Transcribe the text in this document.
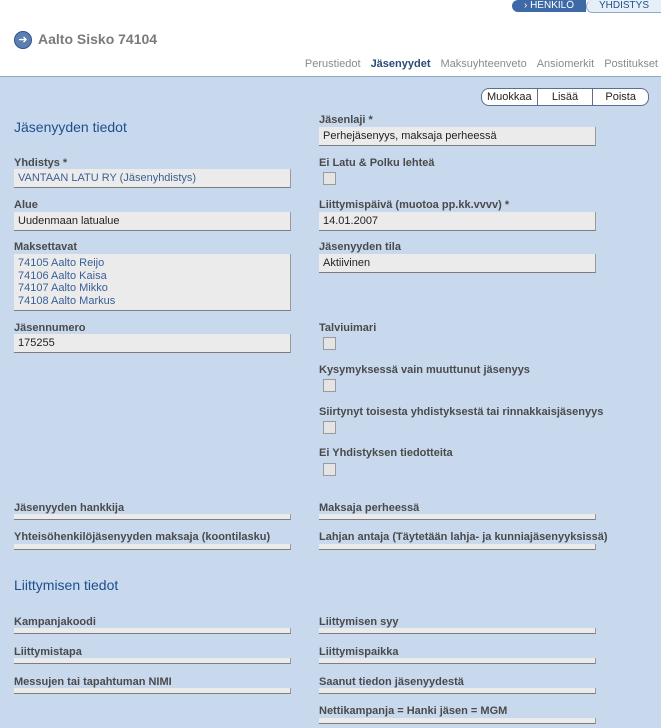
› HENKILÖ	YHDISTYS
➜ Aalto Sisko 74104
Perustiedot Jäsenyydet Maksuyhteenveto Ansiomerkit Postitukset
Muokkaa	Lisää	Poista
Jäsenyyden tiedot
Yhdistys *
VANTAAN LATU RY (Jäsenyhdistys)
Alue
Uudenmaan latualue
Maksettavat
74105 Aalto Reijo
74106 Aalto Kaisa
74107 Aalto Mikko
74108 Aalto Markus
Jäsennumero
175255
Jäsenyyden hankkija
Yhteisöhenkilöjäsenyyden maksaja (koontilasku)
Jäsenlaji *
Perhejäsenyys, maksaja perheessä
Ei Latu & Polku lehteä
Liittymispäivä (muotoa pp.kk.vvvv) *
14.01.2007
Jäsenyyden tila
Aktiivinen
Talviuimari
Kysymyksessä vain muuttunut jäsenyys
Siirtynyt toisesta yhdistyksestä tai rinnakkaisjäsenyys
Ei Yhdistyksen tiedotteita
Maksaja perheessä
Lahjan antaja (Täytetään lahja- ja kunniajäsenyyksissä)
Liittymisen tiedot
Kampanjakoodi
Liittymistapa
Messujen tai tapahtuman NIMI
Liittymisen syy
Liittymispaikka
Saanut tiedon jäsenyydestä
Nettikampanja = Hanki jäsen = MGM
